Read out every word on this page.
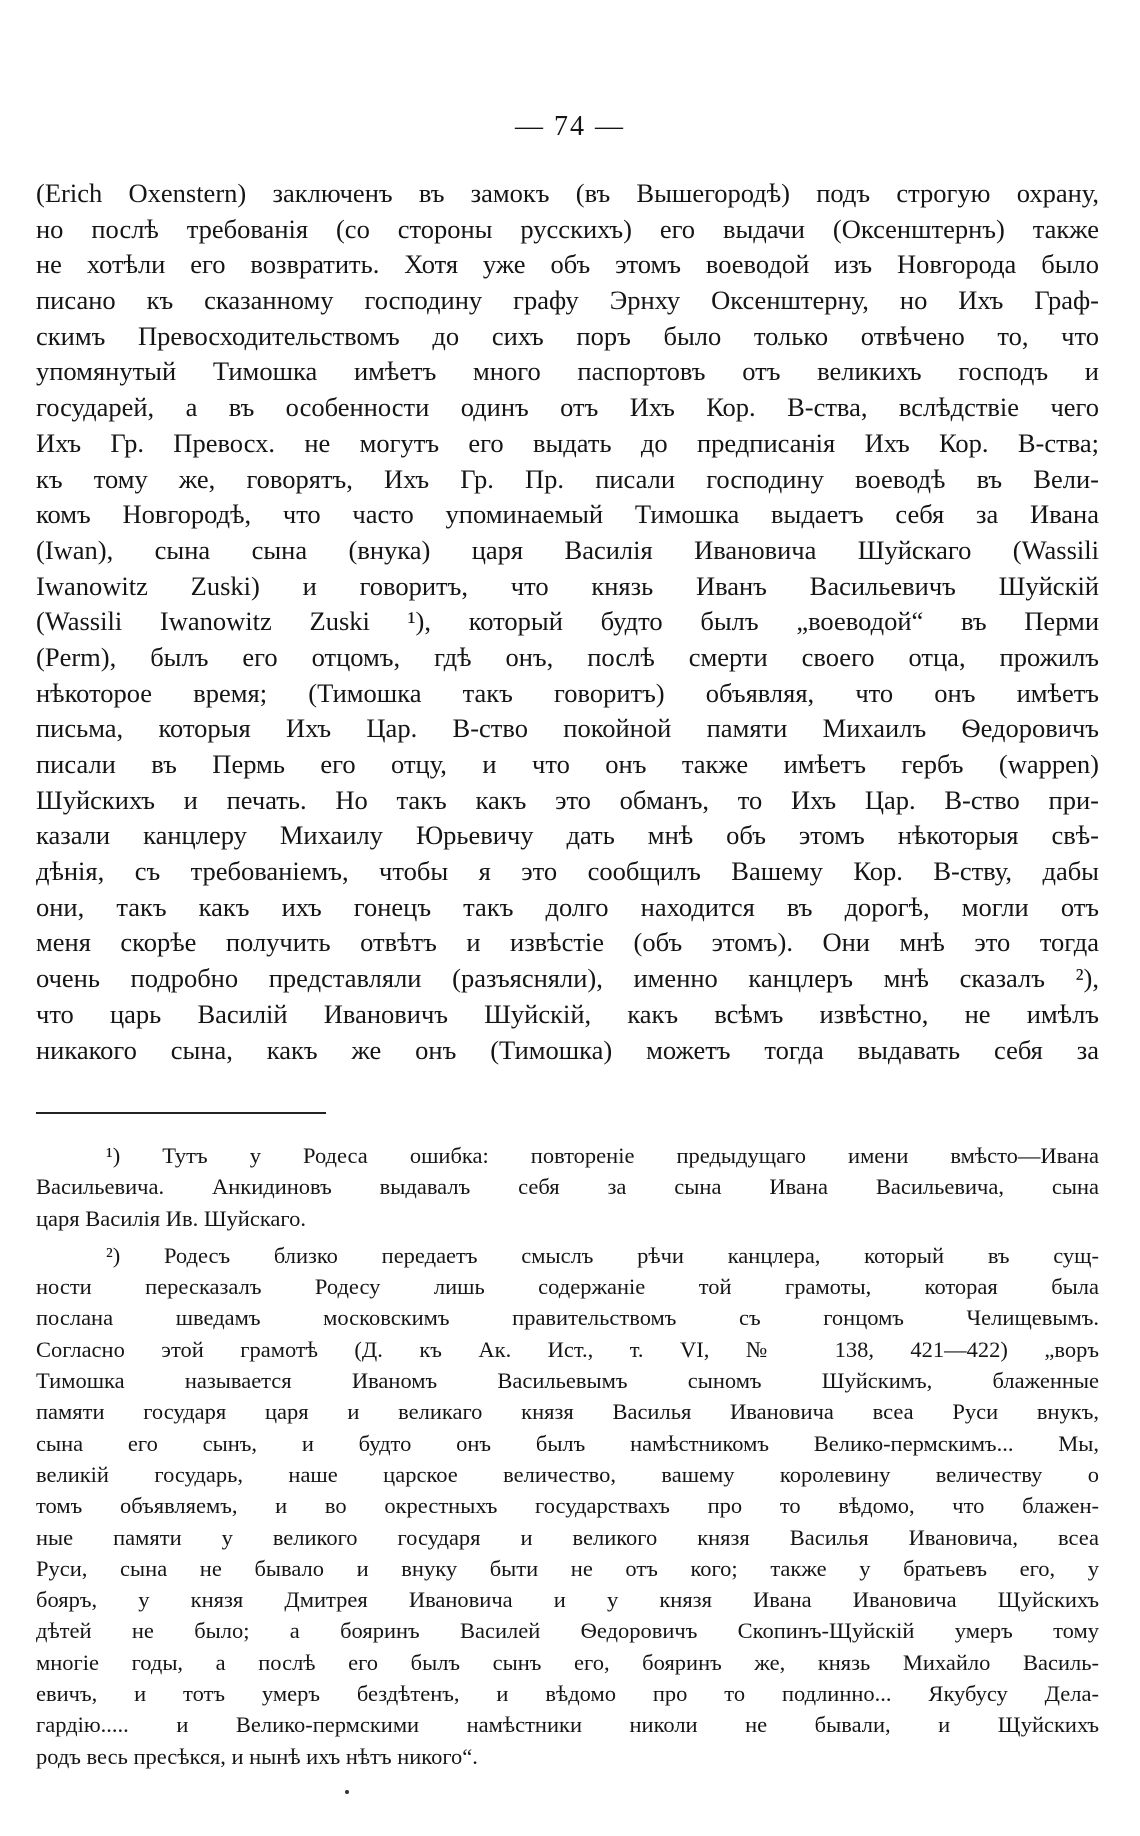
— 74 —
(Erich Oxenstern) заключенъ въ замокъ (въ Вышегородѣ) подъ строгую охрану,
но послѣ требованія (со стороны русскихъ) его выдачи (Оксенштернъ) также
не хотѣли его возвратить. Хотя уже объ этомъ воеводой изъ Новгорода было
писано къ сказанному господину графу Эрнху Оксенштерну, но Ихъ Граф-
скимъ Превосходительствомъ до сихъ поръ было только отвѣчено то, что
упомянутый Тимошка имѣетъ много паспортовъ отъ великихъ господъ и
государей, а въ особенности одинъ отъ Ихъ Кор. В-ства, вслѣдствіе чего
Ихъ Гр. Превосх. не могутъ его выдать до предписанія Ихъ Кор. В-ства;
къ тому же, говорятъ, Ихъ Гр. Пр. писали господину воеводѣ въ Вели-
комъ Новгородѣ, что часто упоминаемый Тимошка выдаетъ себя за Ивана
(Iwan), сына сына (внука) царя Василія Ивановича Шуйскаго (Wassili
Iwanowitz Zuski) и говоритъ, что князь Иванъ Васильевичъ Шуйскій
(Wassili Iwanowitz Zuski ¹), который будто былъ „воеводой“ въ Перми
(Perm), былъ его отцомъ, гдѣ онъ, послѣ смерти своего отца, прожилъ
нѣкоторое время; (Тимошка такъ говоритъ) объявляя, что онъ имѣетъ
письма, которыя Ихъ Цар. В-ство покойной памяти Михаилъ Ѳедоровичъ
писали въ Пермь его отцу, и что онъ также имѣетъ гербъ (wappen)
Шуйскихъ и печать. Но такъ какъ это обманъ, то Ихъ Цар. В-ство при-
казали канцлеру Михаилу Юрьевичу дать мнѣ объ этомъ нѣкоторыя свѣ-
дѣнія, съ требованіемъ, чтобы я это сообщилъ Вашему Кор. В-ству, дабы
они, такъ какъ ихъ гонецъ такъ долго находится въ дорогѣ, могли отъ
меня скорѣе получить отвѣтъ и извѣстіе (объ этомъ). Они мнѣ это тогда
очень подробно представляли (разъясняли), именно канцлеръ мнѣ сказалъ ²),
что царь Василій Ивановичъ Шуйскій, какъ всѣмъ извѣстно, не имѣлъ
никакого сына, какъ же онъ (Тимошка) можетъ тогда выдавать себя за
¹) Тутъ у Родеса ошибка: повтореніе предыдущаго имени вмѣсто—Ивана
Васильевича. Анкидиновъ выдавалъ себя за сына Ивана Васильевича, сына
царя Василія Ив. Шуйскаго.
²) Родесъ близко передаетъ смыслъ рѣчи канцлера, который въ сущ-
ности пересказалъ Родесу лишь содержаніе той грамоты, которая была
послана шведамъ московскимъ правительствомъ съ гонцомъ Челищевымъ.
Согласно этой грамотѣ (Д. къ Ак. Ист., т. VI, № 138, 421—422) „воръ
Тимошка называется Иваномъ Васильевымъ сыномъ Шуйскимъ, блаженные
памяти государя царя и великаго князя Василья Ивановича всеа Руси внукъ,
сына его сынъ, и будто онъ былъ намѣстникомъ Велико-пермскимъ... Мы,
великій государь, наше царское величество, вашему королевину величеству о
томъ объявляемъ, и во окрестныхъ государствахъ про то вѣдомо, что блажен-
ные памяти у великого государя и великого князя Василья Ивановича, всеа
Руси, сына не бывало и внуку быти не отъ кого; также у братьевъ его, у
бояръ, у князя Дмитрея Ивановича и у князя Ивана Ивановича Щуйскихъ
дѣтей не было; а бояринъ Василей Ѳедоровичъ Скопинъ-Щуйскій умеръ тому
многіе годы, а послѣ его былъ сынъ его, бояринъ же, князь Михайло Василь-
евичъ, и тотъ умеръ бездѣтенъ, и вѣдомо про то подлинно... Якубусу Дела-
гардію..... и Велико-пермскими намѣстники николи не бывали, и Щуйскихъ
родъ весь пресѣкся, и нынѣ ихъ нѣтъ никого“.
